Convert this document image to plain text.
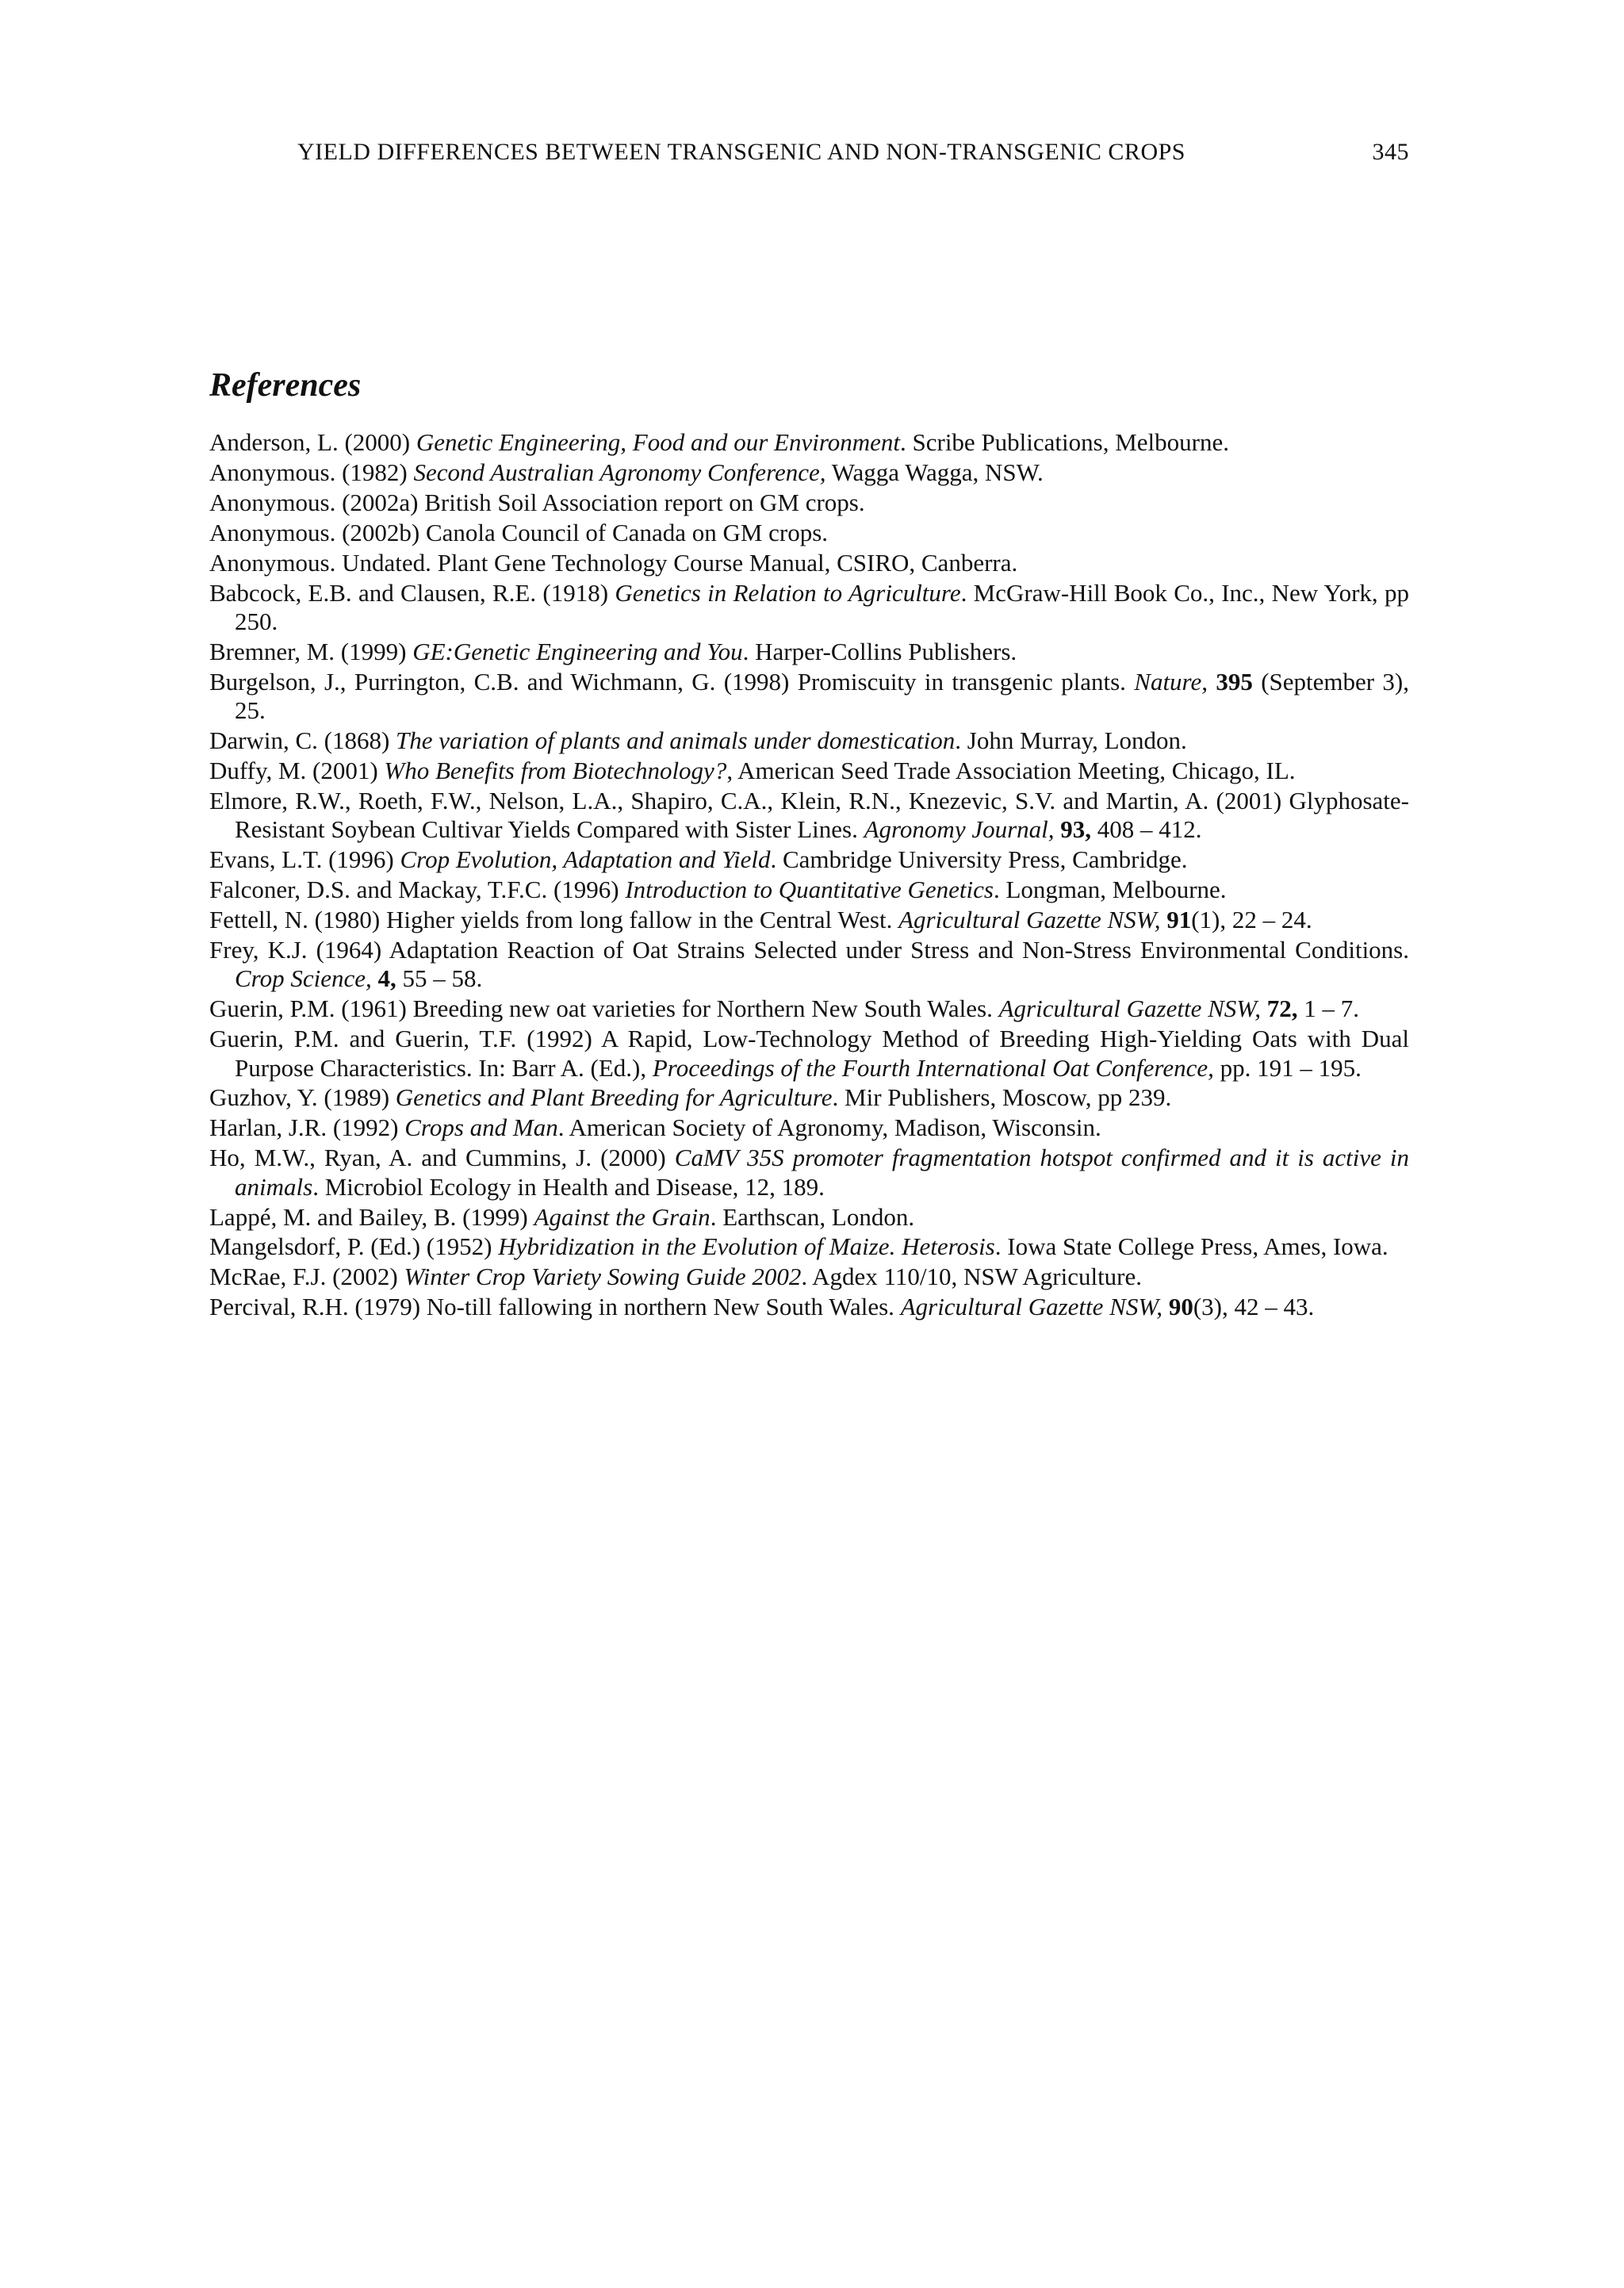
YIELD DIFFERENCES BETWEEN TRANSGENIC AND NON-TRANSGENIC CROPS	345
References
Anderson, L. (2000) Genetic Engineering, Food and our Environment. Scribe Publications, Melbourne.
Anonymous. (1982) Second Australian Agronomy Conference, Wagga Wagga, NSW.
Anonymous. (2002a) British Soil Association report on GM crops.
Anonymous. (2002b) Canola Council of Canada on GM crops.
Anonymous. Undated. Plant Gene Technology Course Manual, CSIRO, Canberra.
Babcock, E.B. and Clausen, R.E. (1918) Genetics in Relation to Agriculture. McGraw-Hill Book Co., Inc., New York, pp 250.
Bremner, M. (1999) GE:Genetic Engineering and You. Harper-Collins Publishers.
Burgelson, J., Purrington, C.B. and Wichmann, G. (1998) Promiscuity in transgenic plants. Nature, 395 (September 3), 25.
Darwin, C. (1868) The variation of plants and animals under domestication. John Murray, London.
Duffy, M. (2001) Who Benefits from Biotechnology?, American Seed Trade Association Meeting, Chicago, IL.
Elmore, R.W., Roeth, F.W., Nelson, L.A., Shapiro, C.A., Klein, R.N., Knezevic, S.V. and Martin, A. (2001) Glyphosate-Resistant Soybean Cultivar Yields Compared with Sister Lines. Agronomy Journal, 93, 408 – 412.
Evans, L.T. (1996) Crop Evolution, Adaptation and Yield. Cambridge University Press, Cambridge.
Falconer, D.S. and Mackay, T.F.C. (1996) Introduction to Quantitative Genetics. Longman, Melbourne.
Fettell, N. (1980) Higher yields from long fallow in the Central West. Agricultural Gazette NSW, 91(1), 22 – 24.
Frey, K.J. (1964) Adaptation Reaction of Oat Strains Selected under Stress and Non-Stress Environmental Conditions. Crop Science, 4, 55 – 58.
Guerin, P.M. (1961) Breeding new oat varieties for Northern New South Wales. Agricultural Gazette NSW, 72, 1 – 7.
Guerin, P.M. and Guerin, T.F. (1992) A Rapid, Low-Technology Method of Breeding High-Yielding Oats with Dual Purpose Characteristics. In: Barr A. (Ed.), Proceedings of the Fourth International Oat Conference, pp. 191 – 195.
Guzhov, Y. (1989) Genetics and Plant Breeding for Agriculture. Mir Publishers, Moscow, pp 239.
Harlan, J.R. (1992) Crops and Man. American Society of Agronomy, Madison, Wisconsin.
Ho, M.W., Ryan, A. and Cummins, J. (2000) CaMV 35S promoter fragmentation hotspot confirmed and it is active in animals. Microbiol Ecology in Health and Disease, 12, 189.
Lappé, M. and Bailey, B. (1999) Against the Grain. Earthscan, London.
Mangelsdorf, P. (Ed.) (1952) Hybridization in the Evolution of Maize. Heterosis. Iowa State College Press, Ames, Iowa.
McRae, F.J. (2002) Winter Crop Variety Sowing Guide 2002. Agdex 110/10, NSW Agriculture.
Percival, R.H. (1979) No-till fallowing in northern New South Wales. Agricultural Gazette NSW, 90(3), 42 – 43.
